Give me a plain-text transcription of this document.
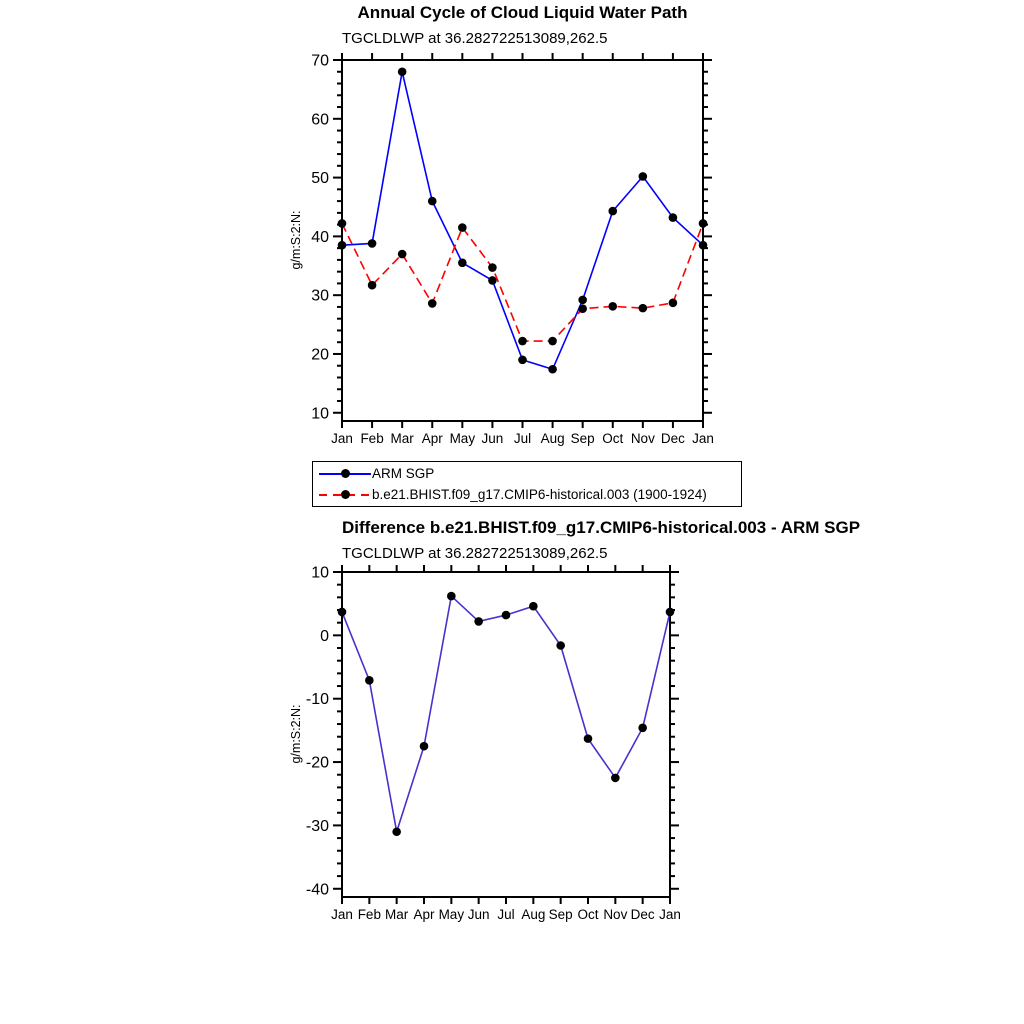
10
20
30
40
50
60
70
Jan Feb Mar Apr May Jun Jul Aug Sep Oct Nov Dec Jan
-40
-30
-20
-10
0
10
Jan Feb Mar Apr May Jun Jul Aug Sep Oct Nov Dec Jan
Annual Cycle of Cloud Liquid Water Path
TGCLDLWP at 36.282722513089,262.5
g/m:S:2:N:
ARM SGP
b.e21.BHIST.f09_g17.CMIP6-historical.003 (1900-1924)
Difference b.e21.BHIST.f09_g17.CMIP6-historical.003 - ARM SGP
TGCLDLWP at 36.282722513089,262.5
g/m:S:2:N:
